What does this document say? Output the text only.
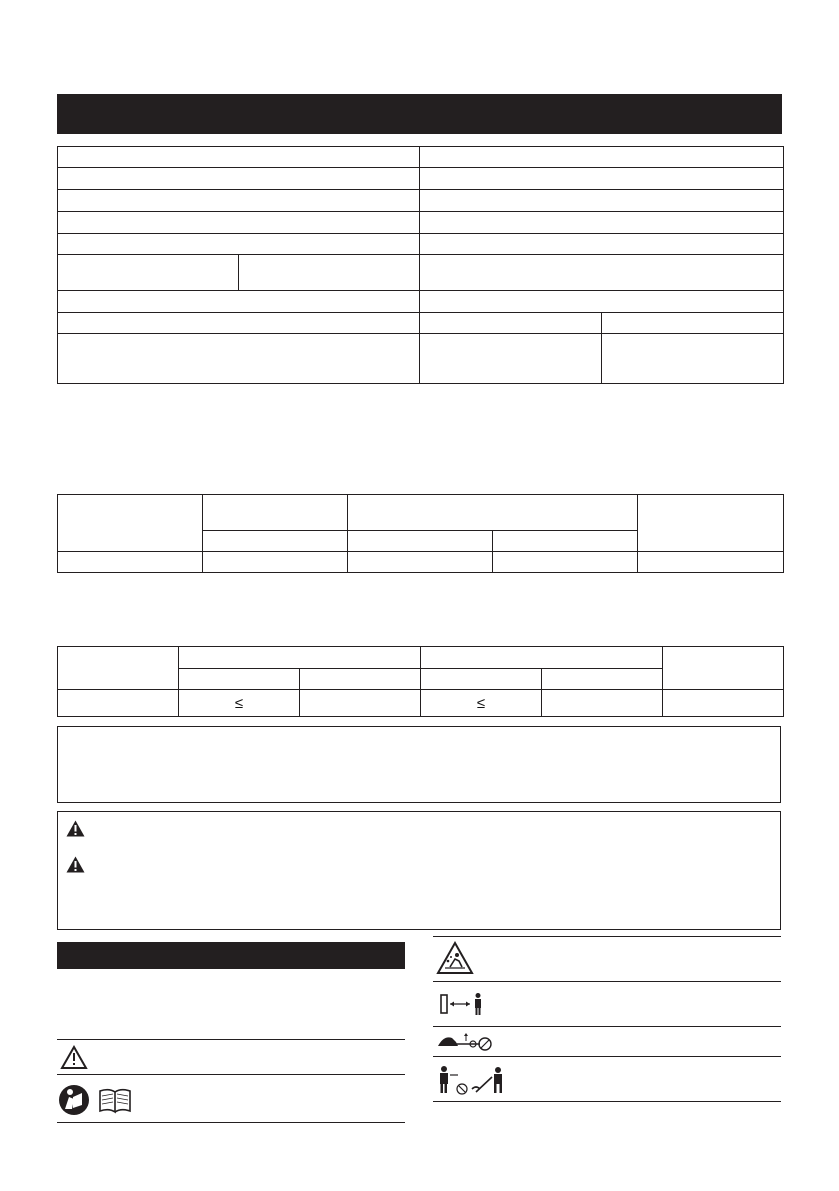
	≤		≤		
